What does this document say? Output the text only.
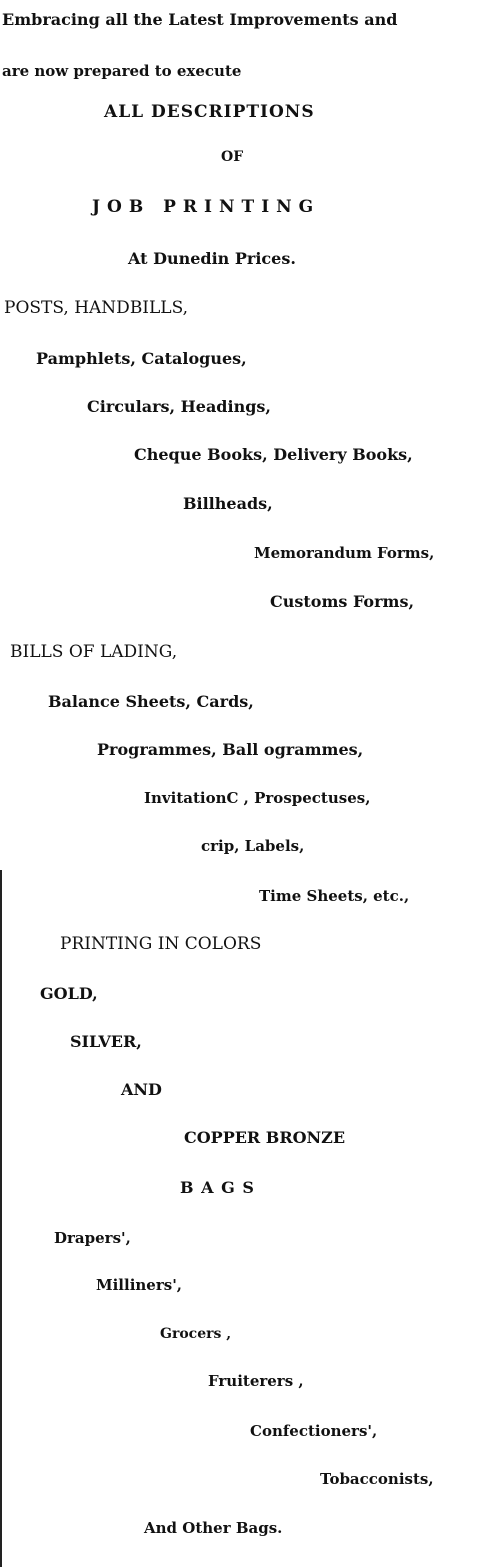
Embracing all the Latest Improvements and
are now prepared to execute
ALL DESCRIPTIONS
OF
JOB PRINTING
At Dunedin Prices.
POSTS, HANDBILLS,
Pamphlets, Catalogues,
Circulars, Headings,
Cheque Books, Delivery Books,
Billheads,
Memorandum Forms,
Customs Forms,
BILLS OF LADING,
Balance Sheets, Cards,
Programmes, Ball ogrammes,
InvitationC , Prospectuses,
crip, Labels,
Time Sheets, etc.,
PRINTING IN COLORS
GOLD,
SILVER,
AND
COPPER BRONZE
B A G S
Drapers',
Milliners',
Grocers ,
Fruiterers ,
Confectioners',
Tobacconists,
And Other Bags.
